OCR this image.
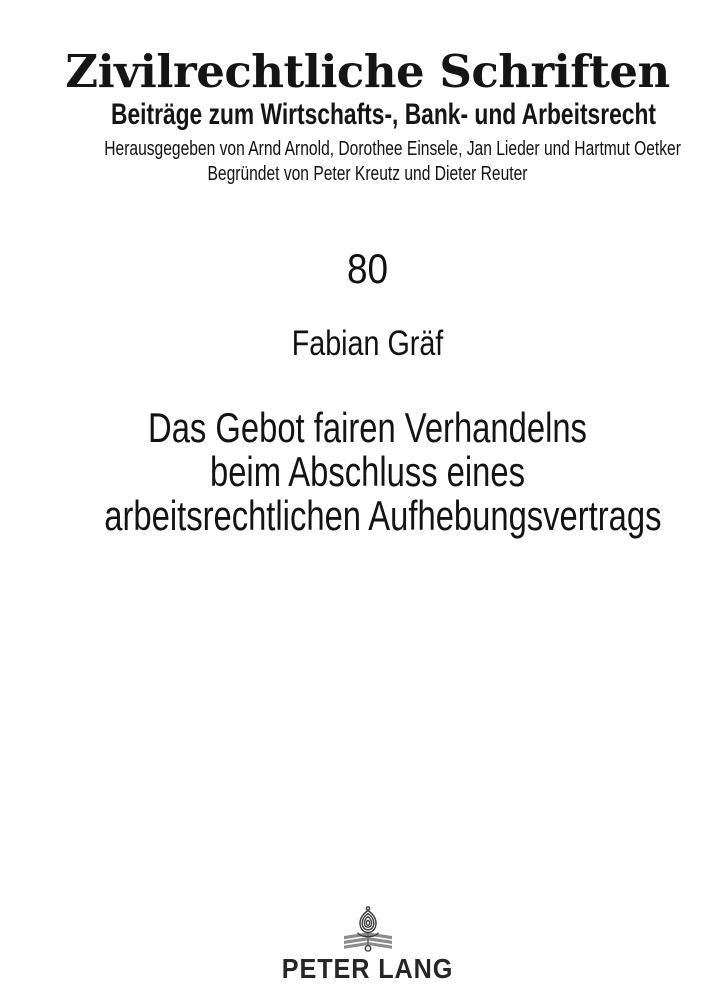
Zivilrechtliche Schriften
Beiträge zum Wirtschafts-, Bank- und Arbeitsrecht
Herausgegeben von Arnd Arnold, Dorothee Einsele, Jan Lieder und Hartmut Oetker
Begründet von Peter Kreutz und Dieter Reuter
80
Fabian Gräf
Das Gebot fairen Verhandelns
beim Abschluss eines
arbeitsrechtlichen Aufhebungsvertrags
PETER LANG
